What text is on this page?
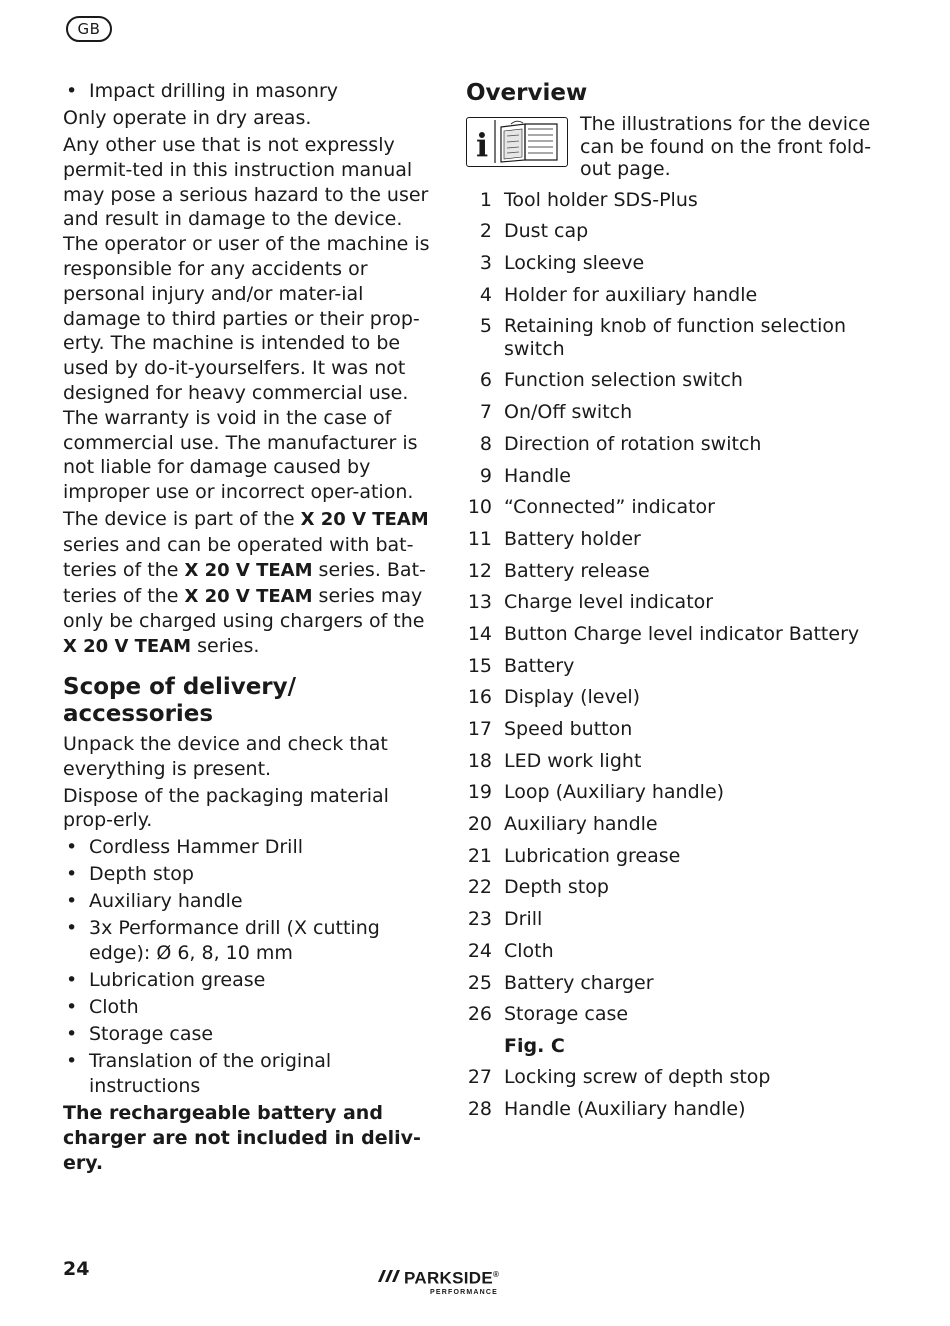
GB
• Impact drilling in masonry

Only operate in dry areas.

Any other use that is not expressly permit-ted in this instruction manual may pose a serious hazard to the user and result in damage to the device. The operator or user of the machine is responsible for any accidents or personal injury and/or mater-ial damage to third parties or their prop-erty. The machine is intended to be used by do-it-yourselfers. It was not designed for heavy commercial use. The warranty is void in the case of commercial use. The manufacturer is not liable for damage caused by improper use or incorrect oper-ation.

The device is part of the X 20 V TEAM series and can be operated with bat-teries of the X 20 V TEAM series. Bat-teries of the X 20 V TEAM series may only be charged using chargers of the X 20 V TEAM series.

Scope of delivery/ accessories

Unpack the device and check that everything is present.

Dispose of the packaging material prop-erly.

• Cordless Hammer Drill
• Depth stop
• Auxiliary handle
• 3x Performance drill (X cutting edge): Ø 6, 8, 10 mm
• Lubrication grease
• Cloth
• Storage case
• Translation of the original instructions
The rechargeable battery and charger are not included in deliv-ery.
Overview
i
The illustrations for the device can be found on the front fold-out page.
1 Tool holder SDS-Plus
2 Dust cap
3 Locking sleeve
4 Holder for auxiliary handle
5 Retaining knob of function selection switch
6 Function selection switch
7 On/Off switch
8 Direction of rotation switch
9 Handle
10 “Connected” indicator
11 Battery holder
12 Battery release
13 Charge level indicator
14 Button Charge level indicator Battery
15 Battery
16 Display (level)
17 Speed button
18 LED work light
19 Loop (Auxiliary handle)
20 Auxiliary handle
21 Lubrication grease
22 Depth stop
23 Drill
24 Cloth
25 Battery charger
26 Storage case
Fig. C
27 Locking screw of depth stop
28 Handle (Auxiliary handle)
24	PARKSIDE®
PERFORMANCE
